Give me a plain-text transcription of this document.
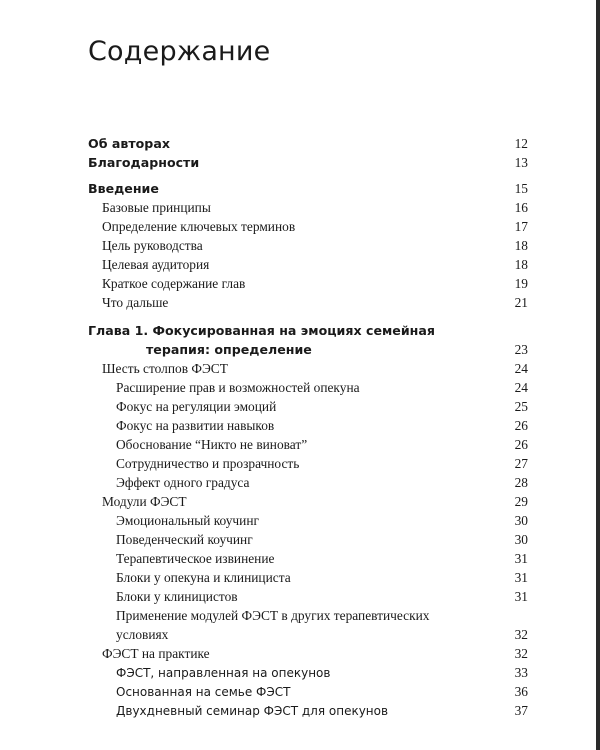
Содержание
Об авторах	12
Благодарности	13
Введение	15
Базовые принципы	16
Определение ключевых терминов	17
Цель руководства	18
Целевая аудитория	18
Краткое содержание глав	19
Что дальше	21
Глава 1. Фокусированная на эмоциях семейная
терапия: определение	23
Шесть столпов ФЭСТ	24
Расширение прав и возможностей опекуна	24
Фокус на регуляции эмоций	25
Фокус на развитии навыков	26
Обоснование “Никто не виноват”	26
Сотрудничество и прозрачность	27
Эффект одного градуса	28
Модули ФЭСТ	29
Эмоциональный коучинг	30
Поведенческий коучинг	30
Терапевтическое извинение	31
Блоки у опекуна и клинициста	31
Блоки у клиницистов	31
Применение модулей ФЭСТ в других терапевтических
условиях	32
ФЭСТ на практике	32
ФЭСТ, направленная на опекунов	33
Основанная на семье ФЭСТ	36
Двухдневный семинар ФЭСТ для опекунов	37
